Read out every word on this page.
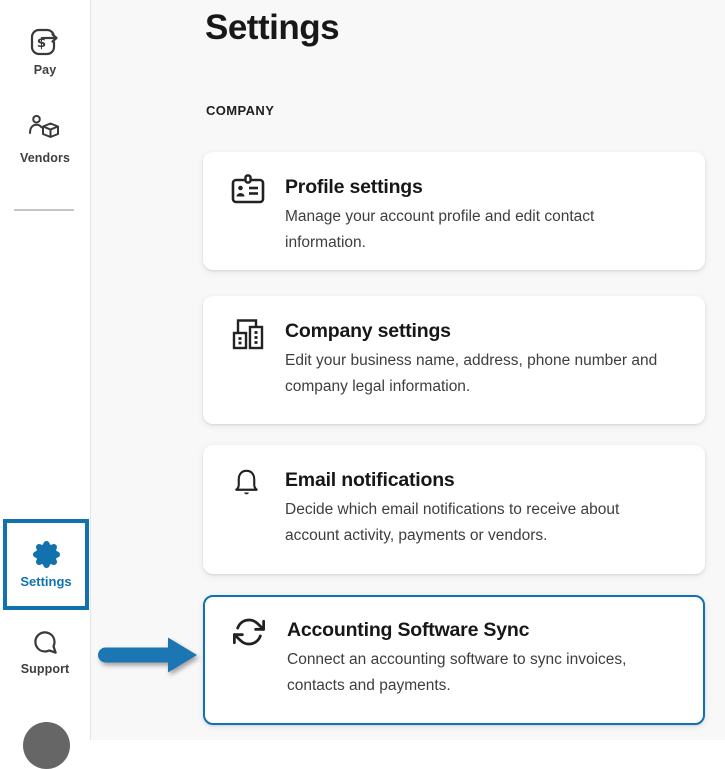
$
Pay
Vendors
Settings
Support
Settings
COMPANY
Profile settings

Manage your account profile and edit contact information.

Company settings

Edit your business name, address, phone number and company legal information.

Email notifications

Decide which email notifications to receive about account activity, payments or vendors.

Accounting Software Sync

Connect an accounting software to sync invoices, contacts and payments.
